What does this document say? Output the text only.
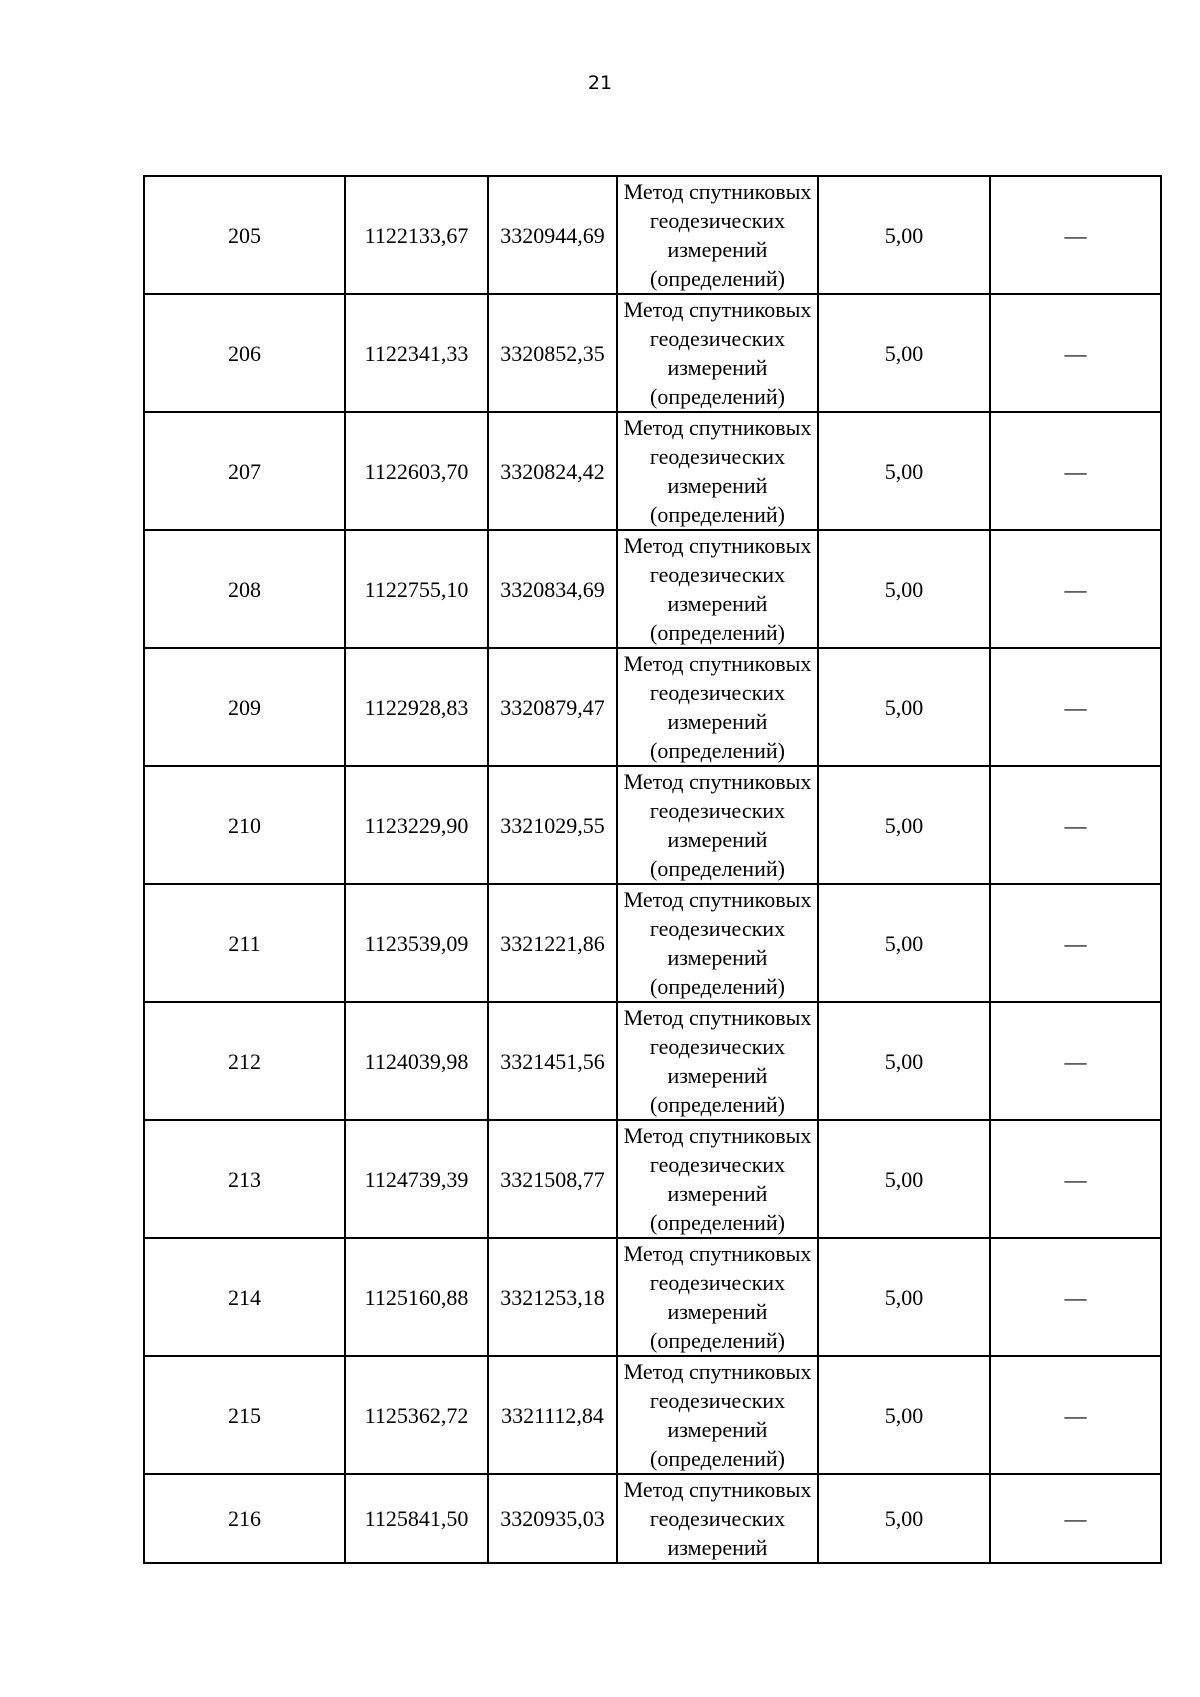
21
205	1122133,67	3320944,69	Метод спутниковых
геодезических
измерений
(определений)	5,00	—
206	1122341,33	3320852,35	Метод спутниковых
геодезических
измерений
(определений)	5,00	—
207	1122603,70	3320824,42	Метод спутниковых
геодезических
измерений
(определений)	5,00	—
208	1122755,10	3320834,69	Метод спутниковых
геодезических
измерений
(определений)	5,00	—
209	1122928,83	3320879,47	Метод спутниковых
геодезических
измерений
(определений)	5,00	—
210	1123229,90	3321029,55	Метод спутниковых
геодезических
измерений
(определений)	5,00	—
211	1123539,09	3321221,86	Метод спутниковых
геодезических
измерений
(определений)	5,00	—
212	1124039,98	3321451,56	Метод спутниковых
геодезических
измерений
(определений)	5,00	—
213	1124739,39	3321508,77	Метод спутниковых
геодезических
измерений
(определений)	5,00	—
214	1125160,88	3321253,18	Метод спутниковых
геодезических
измерений
(определений)	5,00	—
215	1125362,72	3321112,84	Метод спутниковых
геодезических
измерений
(определений)	5,00	—
216	1125841,50	3320935,03	Метод спутниковых
геодезических
измерений	5,00	—
